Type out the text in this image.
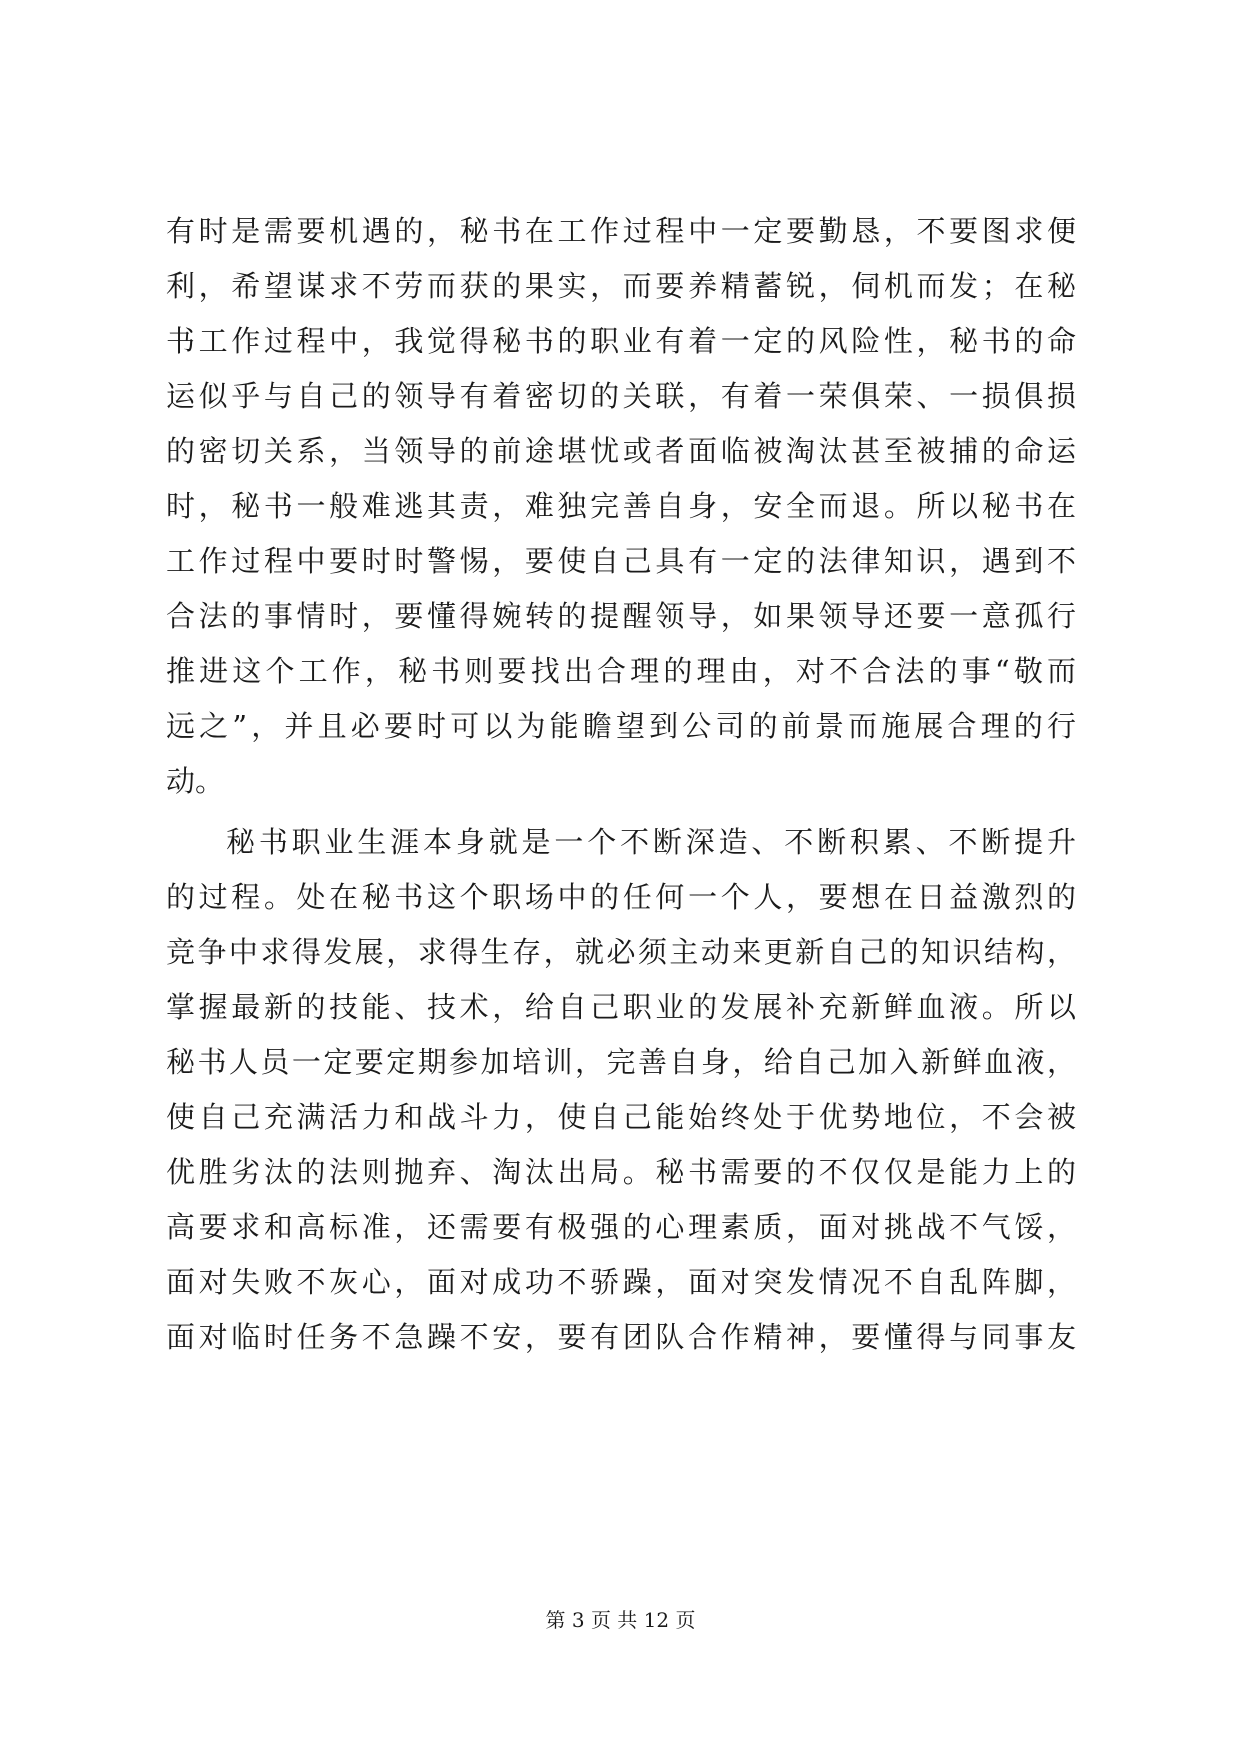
有时是需要机遇的，秘书在工作过程中一定要勤恳，不要图求便
利，希望谋求不劳而获的果实，而要养精蓄锐，伺机而发；在秘
书工作过程中，我觉得秘书的职业有着一定的风险性，秘书的命
运似乎与自己的领导有着密切的关联，有着一荣俱荣、一损俱损
的密切关系，当领导的前途堪忧或者面临被淘汰甚至被捕的命运
时，秘书一般难逃其责，难独完善自身，安全而退。所以秘书在
工作过程中要时时警惕，要使自己具有一定的法律知识，遇到不
合法的事情时，要懂得婉转的提醒领导，如果领导还要一意孤行
推进这个工作，秘书则要找出合理的理由，对不合法的事“敬而
远之”，并且必要时可以为能瞻望到公司的前景而施展合理的行
动。
秘书职业生涯本身就是一个不断深造、不断积累、不断提升
的过程。处在秘书这个职场中的任何一个人，要想在日益激烈的
竞争中求得发展，求得生存，就必须主动来更新自己的知识结构，
掌握最新的技能、技术，给自己职业的发展补充新鲜血液。所以
秘书人员一定要定期参加培训，完善自身，给自己加入新鲜血液，
使自己充满活力和战斗力，使自己能始终处于优势地位，不会被
优胜劣汰的法则抛弃、淘汰出局。秘书需要的不仅仅是能力上的
高要求和高标准，还需要有极强的心理素质，面对挑战不气馁，
面对失败不灰心，面对成功不骄躁，面对突发情况不自乱阵脚，
面对临时任务不急躁不安，要有团队合作精神，要懂得与同事友
第 3 页 共 12 页
